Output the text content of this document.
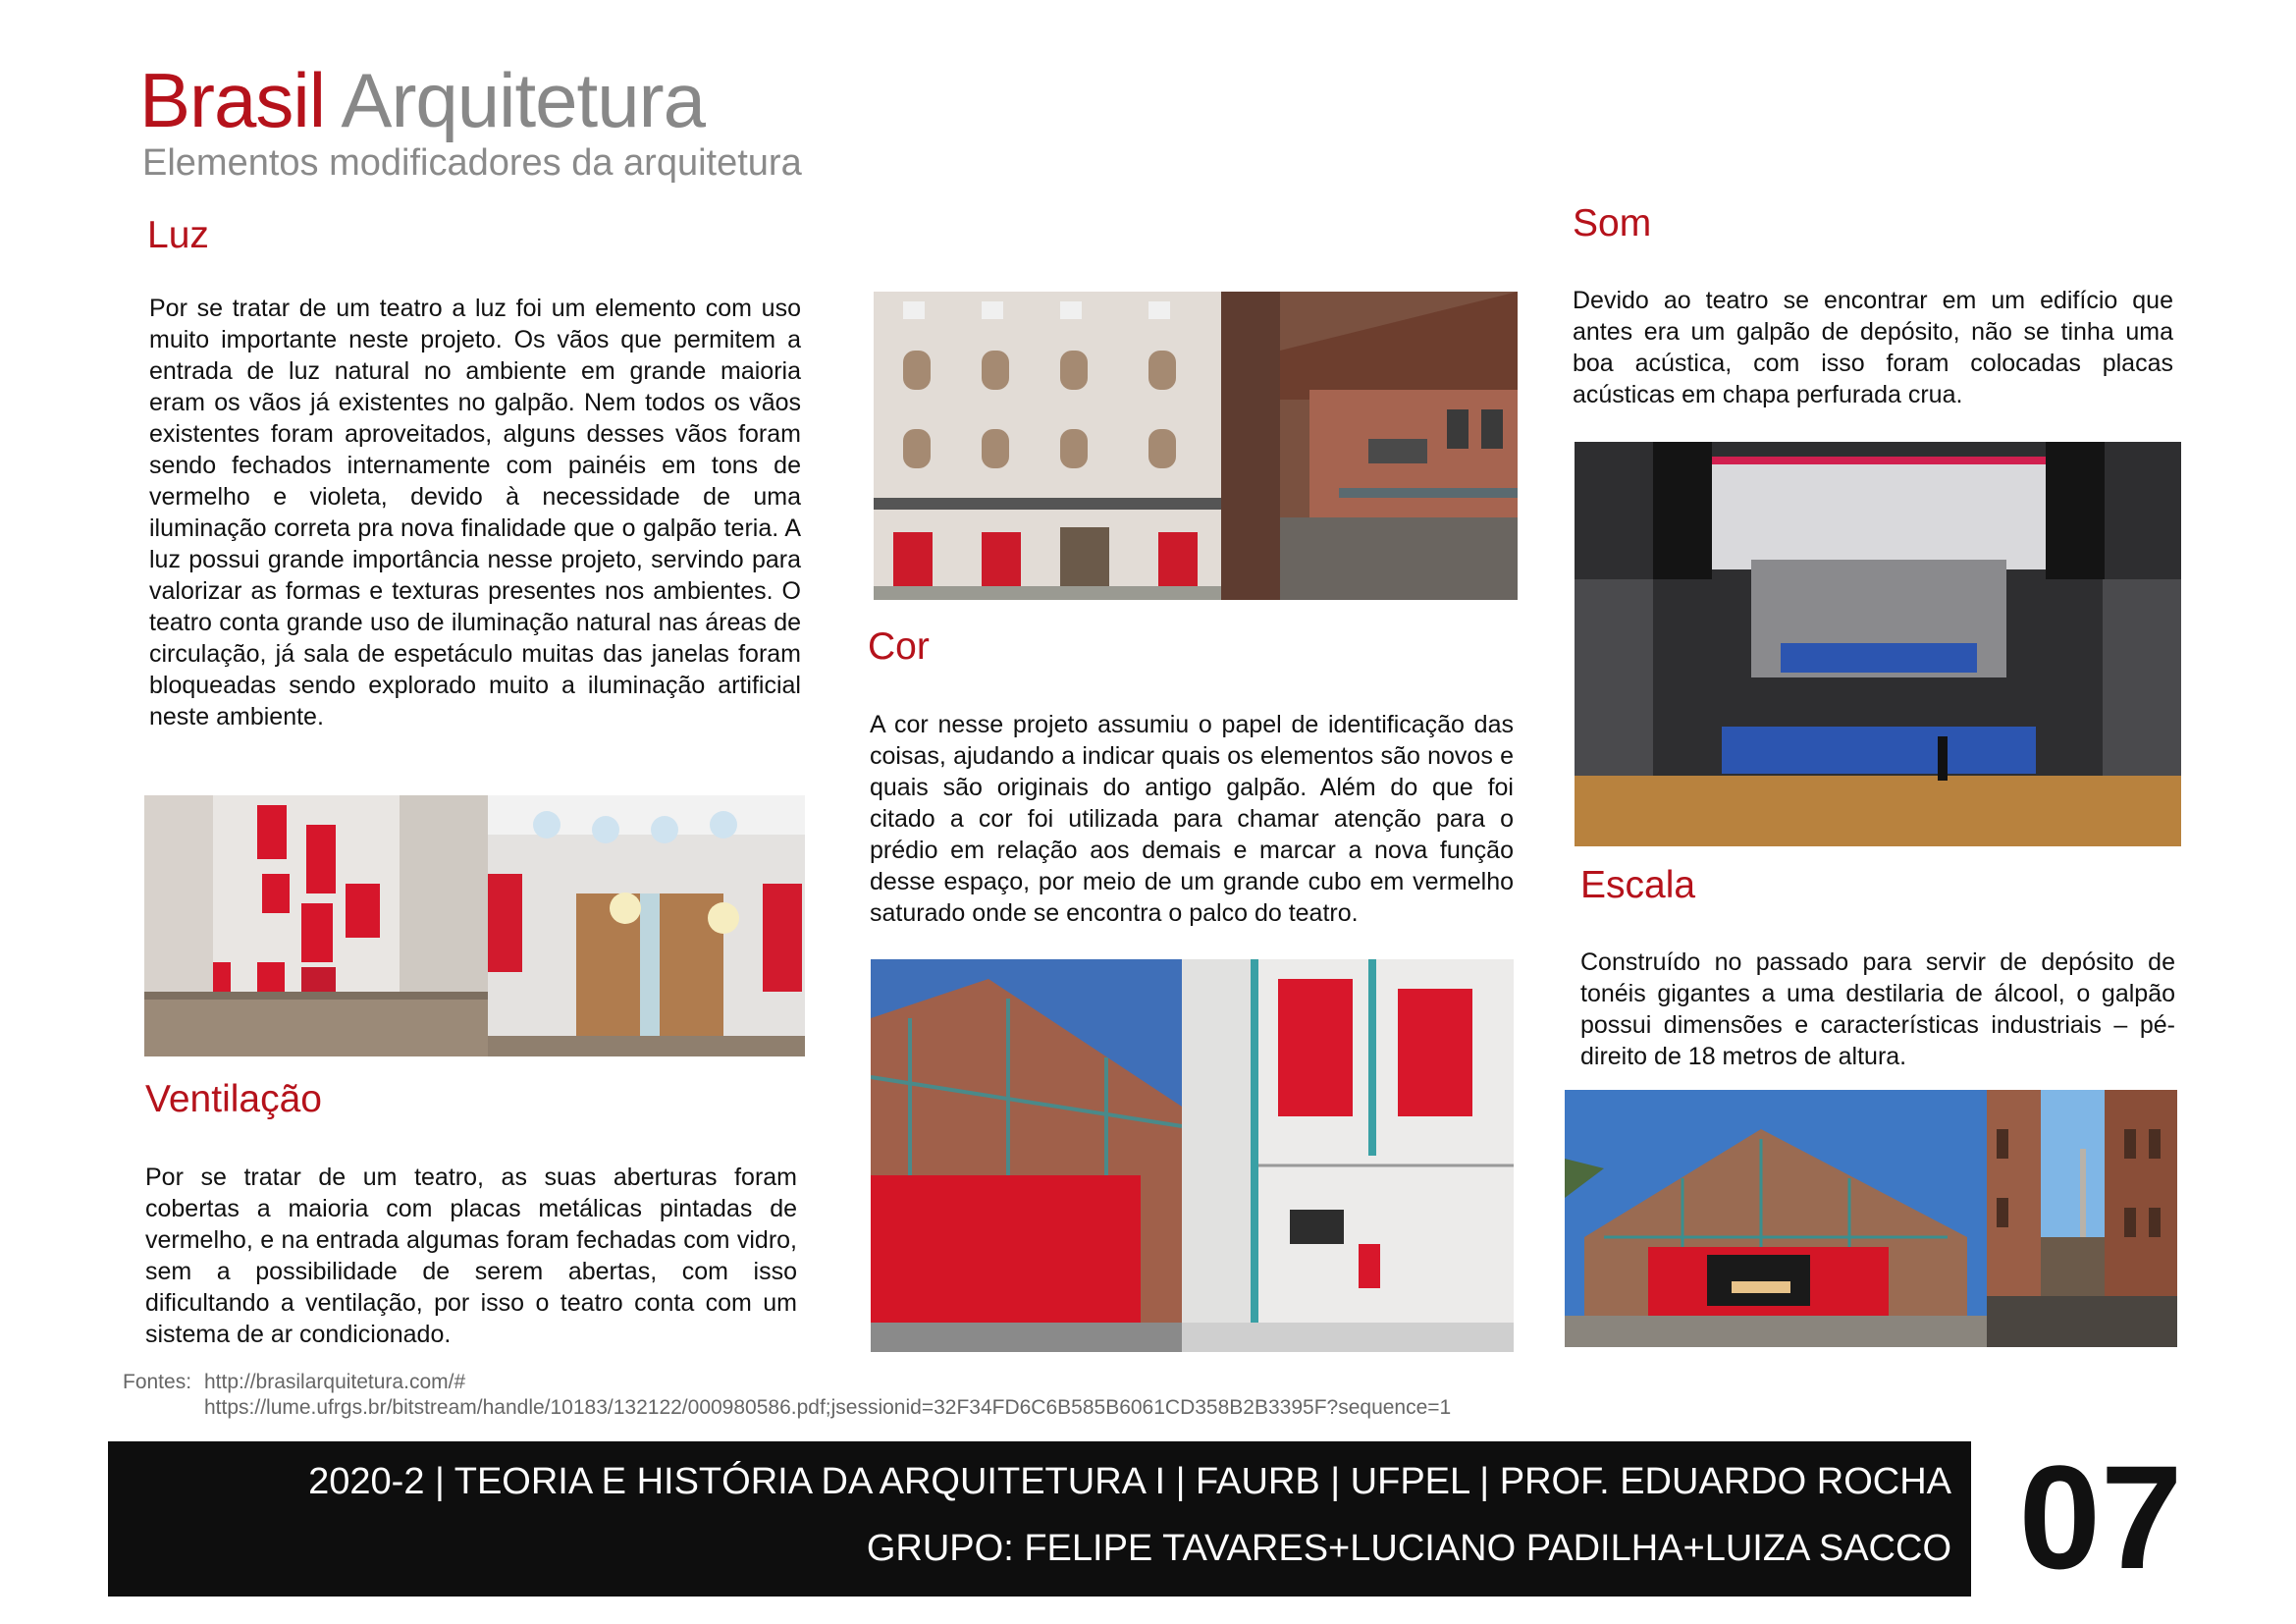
Brasil Arquitetura
Elementos modificadores da arquitetura
Luz
Por se tratar de um teatro a luz foi um elemento com uso muito importante neste projeto. Os vãos que permitem a entrada de luz natural no ambiente em grande maioria eram os vãos já existentes no galpão. Nem todos os vãos existentes foram aproveitados, alguns desses vãos foram sendo fechados internamente com painéis em tons de vermelho e violeta, devido à necessidade de uma iluminação correta pra nova finalidade que o galpão teria. A luz possui grande importância nesse projeto, servindo para valorizar as formas e texturas presentes nos ambientes. O teatro conta grande uso de iluminação natural nas áreas de circulação, já sala de espetáculo muitas das janelas foram bloqueadas sendo explorado muito a iluminação artificial neste ambiente.
Ventilação
Por se tratar de um teatro, as suas aberturas foram cobertas a maioria com placas metálicas pintadas de vermelho, e na entrada algumas foram fechadas com vidro, sem a possibilidade de serem abertas, com isso dificultando a ventilação, por isso o teatro conta com um sistema de ar condicionado.
Cor
A cor nesse projeto assumiu o papel de identificação das coisas, ajudando a indicar quais os elementos são novos e quais são originais do antigo galpão. Além do que foi citado a cor foi utilizada para chamar atenção para o prédio em relação aos demais e marcar a nova função desse espaço, por meio de um grande cubo em vermelho saturado onde se encontra o palco do teatro.
Som
Devido ao teatro se encontrar em um edifício que antes era um galpão de depósito, não se tinha uma boa acústica, com isso foram colocadas placas acústicas em chapa perfurada crua.
Escala
Construído no passado para servir de depósito de tonéis gigantes a uma destilaria de álcool, o galpão possui dimensões e características industriais – pé-direito de 18 metros de altura.
Fontes: http://brasilarquitetura.com/#
https://lume.ufrgs.br/bitstream/handle/10183/132122/000980586.pdf;jsessionid=32F34FD6C6B585B6061CD358B2B3395F?sequence=1
2020-2 | TEORIA E HISTÓRIA DA ARQUITETURA I | FAURB | UFPEL | PROF. EDUARDO ROCHA
GRUPO: FELIPE TAVARES+LUCIANO PADILHA+LUIZA SACCO 07
